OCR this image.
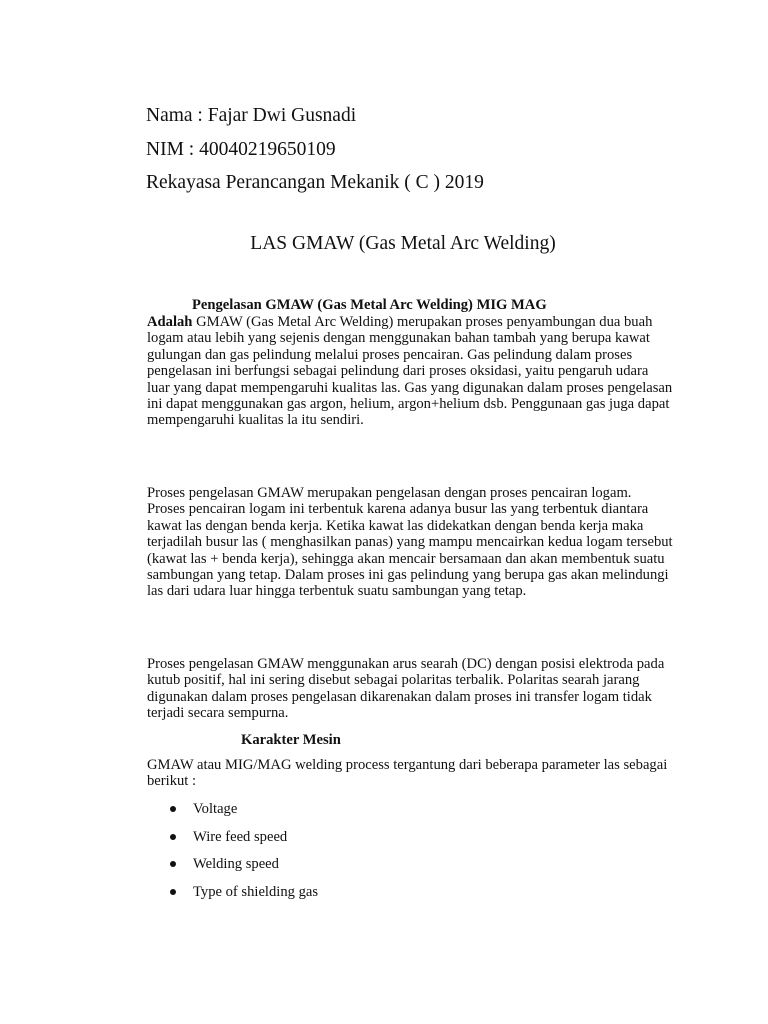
Nama : Fajar Dwi Gusnadi
NIM : 40040219650109
Rekayasa Perancangan Mekanik ( C ) 2019
LAS GMAW (Gas Metal Arc Welding)
Pengelasan GMAW (Gas Metal Arc Welding) MIG MAG
Adalah GMAW (Gas Metal Arc Welding) merupakan proses penyambungan dua buah logam atau lebih yang sejenis dengan menggunakan bahan tambah yang berupa kawat gulungan dan gas pelindung melalui proses pencairan. Gas pelindung dalam proses pengelasan ini berfungsi sebagai pelindung dari proses oksidasi, yaitu pengaruh udara luar yang dapat mempengaruhi kualitas las. Gas yang digunakan dalam proses pengelasan ini dapat menggunakan gas argon, helium, argon+helium dsb. Penggunaan gas juga dapat mempengaruhi kualitas la itu sendiri.
Proses pengelasan GMAW merupakan pengelasan dengan proses pencairan logam. Proses pencairan logam ini terbentuk karena adanya busur las yang terbentuk diantara kawat las dengan benda kerja. Ketika kawat las didekatkan dengan benda kerja maka terjadilah busur las ( menghasilkan panas) yang mampu mencairkan kedua logam tersebut (kawat las + benda kerja), sehingga akan mencair bersamaan dan akan membentuk suatu sambungan yang tetap. Dalam proses ini gas pelindung yang berupa gas akan melindungi las dari udara luar hingga terbentuk suatu sambungan yang tetap.
Proses pengelasan GMAW menggunakan arus searah (DC) dengan posisi elektroda pada kutub positif, hal ini sering disebut sebagai polaritas terbalik. Polaritas searah jarang digunakan dalam proses pengelasan dikarenakan dalam proses ini transfer logam tidak terjadi secara sempurna.
Karakter Mesin
GMAW atau MIG/MAG welding process tergantung dari beberapa parameter las sebagai berikut :
Voltage
Wire feed speed
Welding speed
Type of shielding gas
